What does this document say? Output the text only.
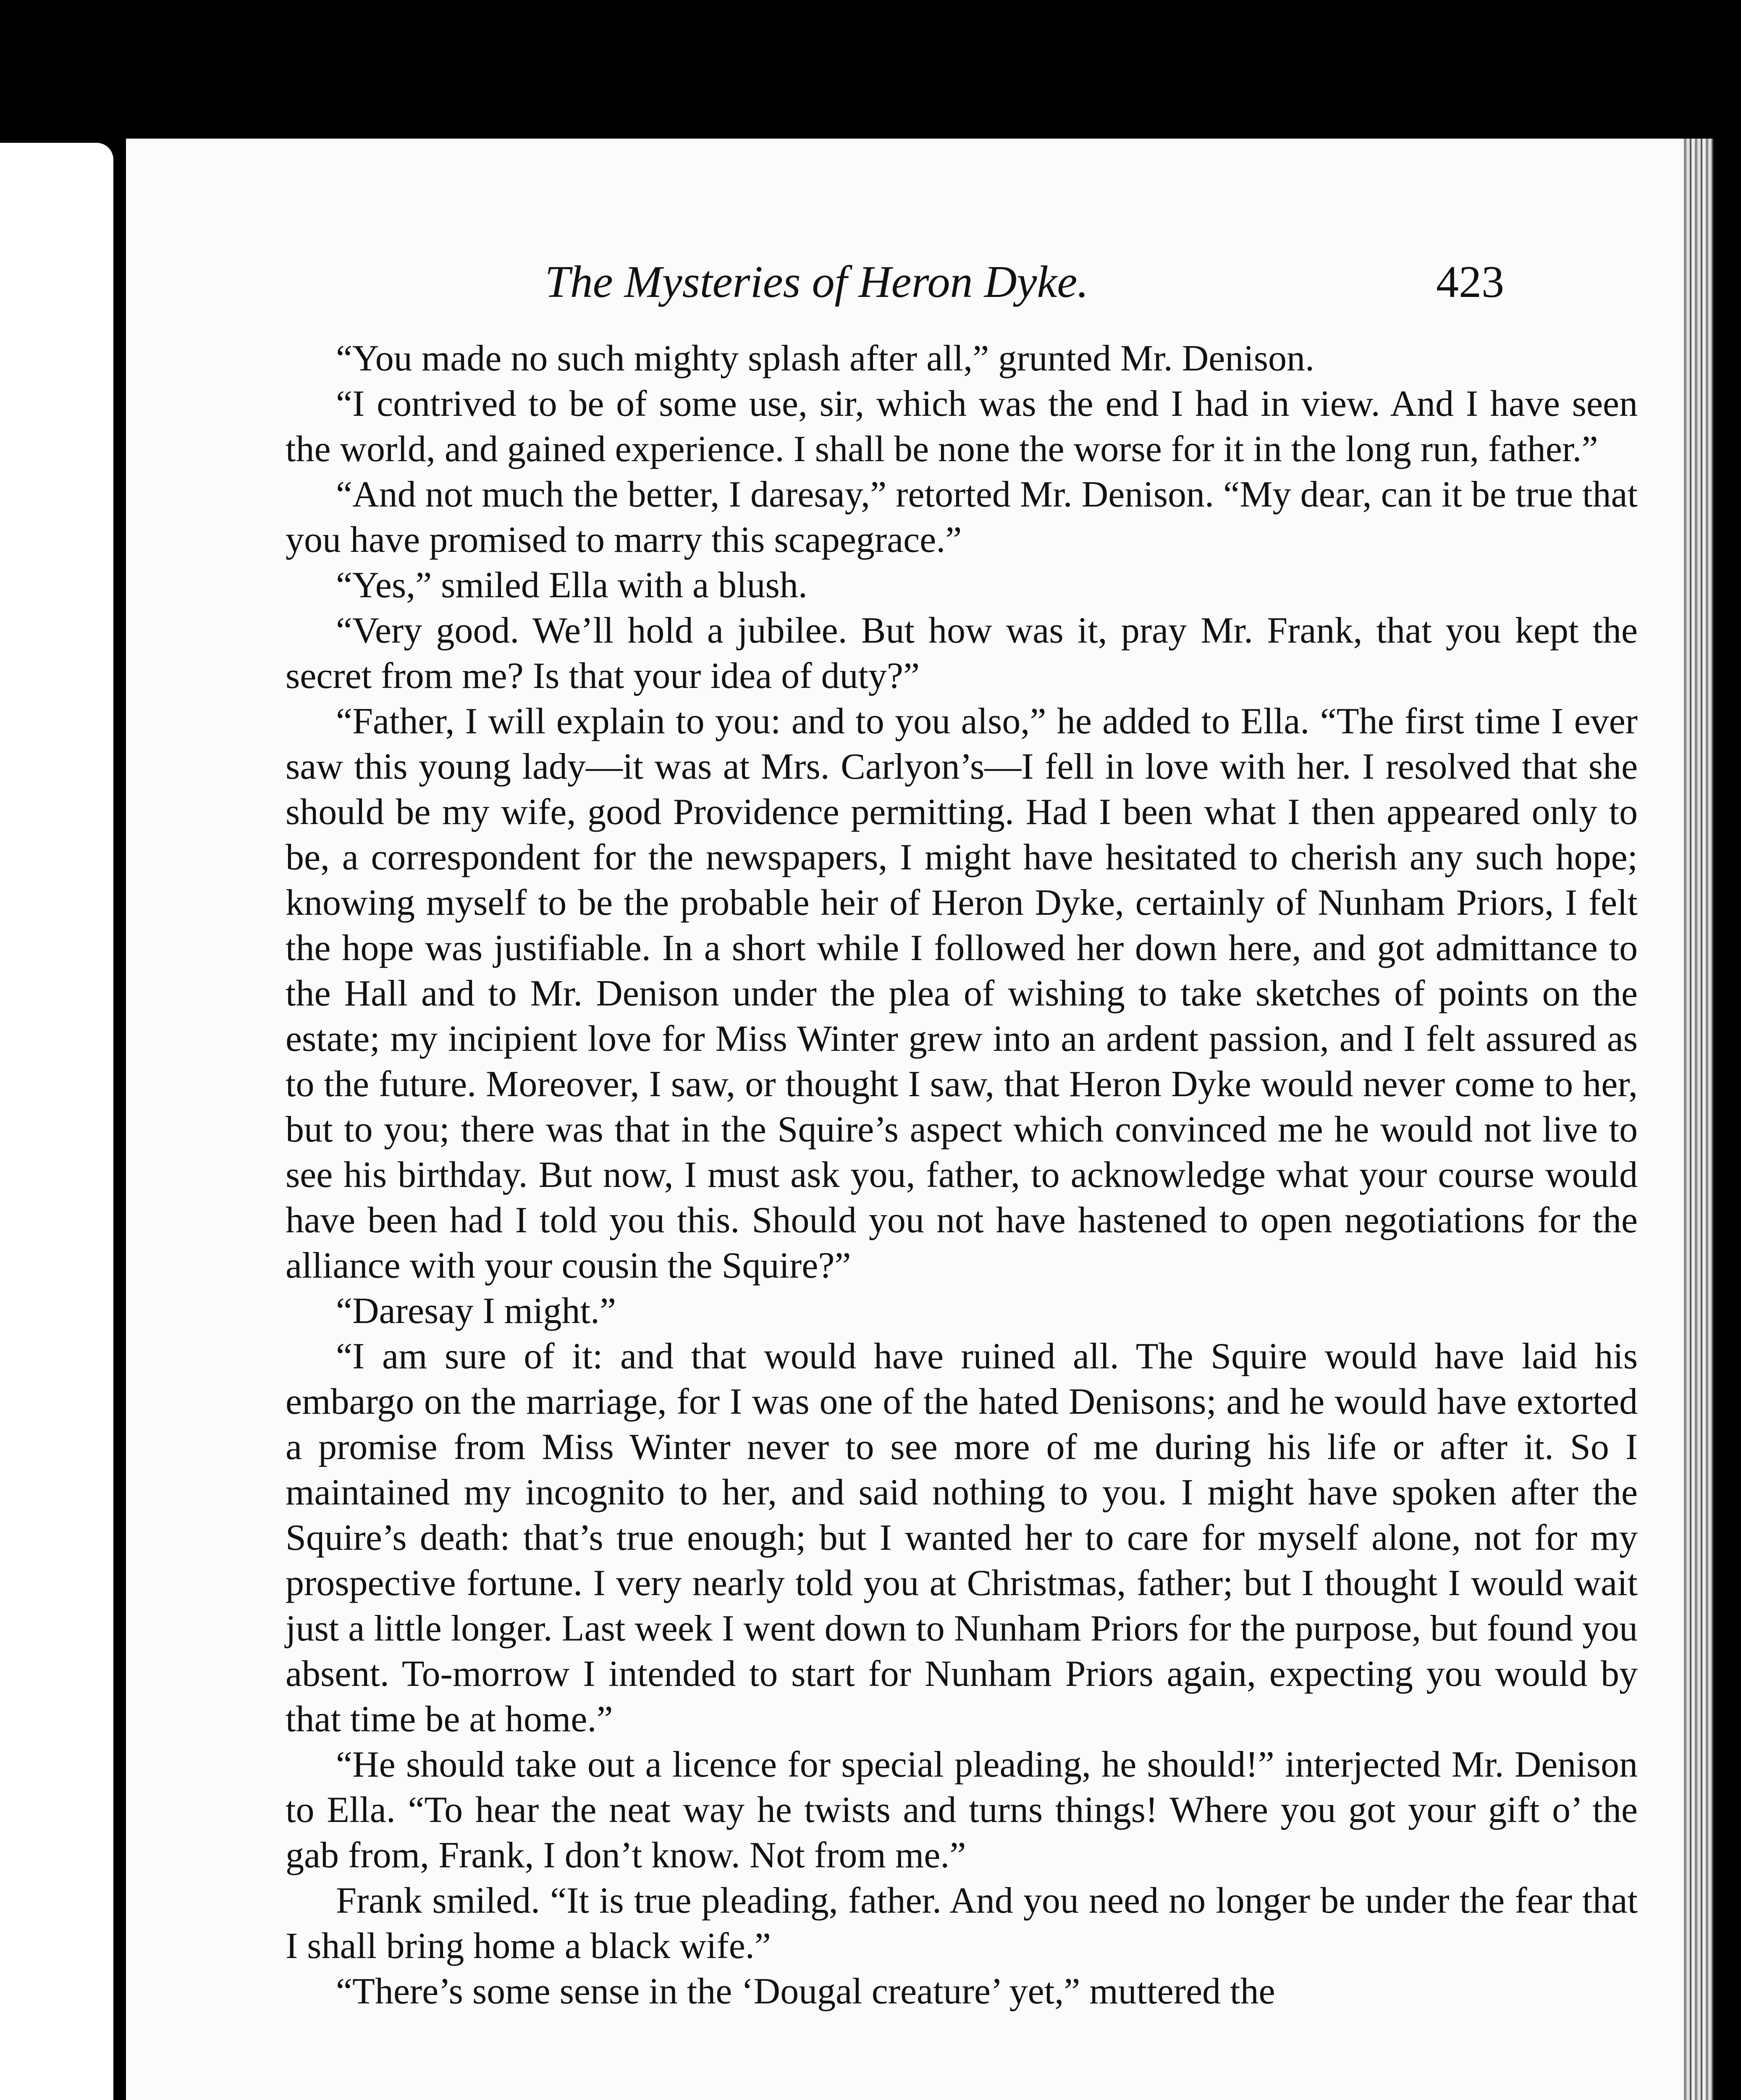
The Mysteries of Heron Dyke.	423

“You made no such mighty splash after all,” grunted Mr. Denison.

“I contrived to be of some use, sir, which was the end I had in view. And I have seen the world, and gained experience. I shall be none the worse for it in the long run, father.”

“And not much the better, I daresay,” retorted Mr. Denison. “My dear, can it be true that you have promised to marry this scapegrace.”

“Yes,” smiled Ella with a blush.

“Very good. We’ll hold a jubilee. But how was it, pray Mr. Frank, that you kept the secret from me? Is that your idea of duty?”

“Father, I will explain to you: and to you also,” he added to Ella. “The first time I ever saw this young lady—it was at Mrs. Carlyon’s—I fell in love with her. I resolved that she should be my wife, good Providence permitting. Had I been what I then appeared only to be, a correspondent for the newspapers, I might have hesitated to cherish any such hope; knowing myself to be the probable heir of Heron Dyke, certainly of Nunham Priors, I felt the hope was justifiable. In a short while I followed her down here, and got admittance to the Hall and to Mr. Denison under the plea of wishing to take sketches of points on the estate; my incipient love for Miss Winter grew into an ardent passion, and I felt assured as to the future. Moreover, I saw, or thought I saw, that Heron Dyke would never come to her, but to you; there was that in the Squire’s aspect which convinced me he would not live to see his birthday. But now, I must ask you, father, to acknowledge what your course would have been had I told you this. Should you not have hastened to open negotiations for the alliance with your cousin the Squire?”

“Daresay I might.”

“I am sure of it: and that would have ruined all. The Squire would have laid his embargo on the marriage, for I was one of the hated Denisons; and he would have extorted a promise from Miss Winter never to see more of me during his life or after it. So I maintained my incognito to her, and said nothing to you. I might have spoken after the Squire’s death: that’s true enough; but I wanted her to care for myself alone, not for my prospective fortune. I very nearly told you at Christmas, father; but I thought I would wait just a little longer. Last week I went down to Nunham Priors for the purpose, but found you absent. To-morrow I intended to start for Nunham Priors again, expecting you would by that time be at home.”

“He should take out a licence for special pleading, he should!” interjected Mr. Denison to Ella. “To hear the neat way he twists and turns things! Where you got your gift o’ the gab from, Frank, I don’t know. Not from me.”

Frank smiled. “It is true pleading, father. And you need no longer be under the fear that I shall bring home a black wife.”

“There’s some sense in the ‘Dougal creature’ yet,” muttered the
